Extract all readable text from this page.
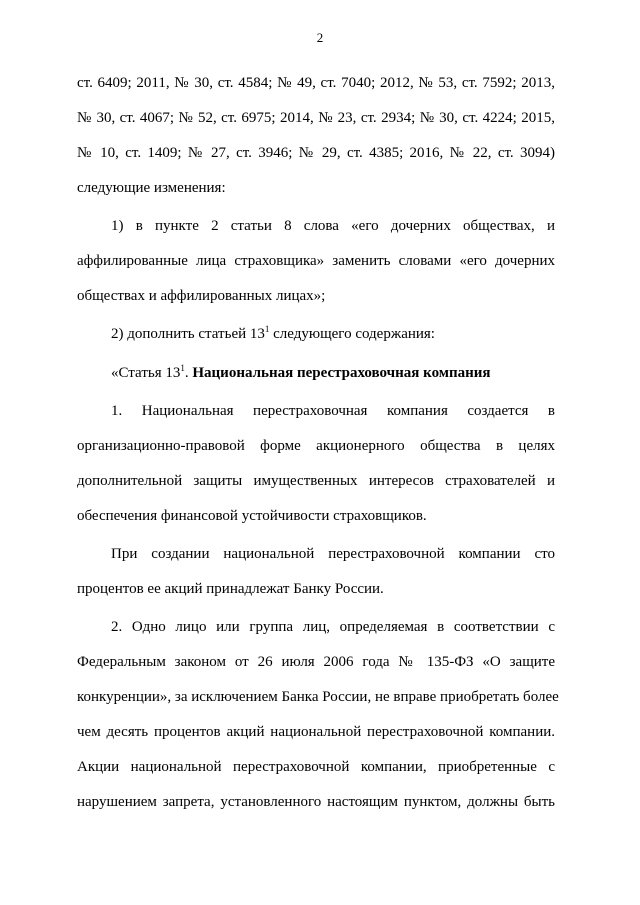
2
ст. 6409; 2011, № 30, ст. 4584; № 49, ст. 7040; 2012, № 53, ст. 7592; 2013,
№ 30, ст. 4067; № 52, ст. 6975; 2014, № 23, ст. 2934; № 30, ст. 4224; 2015,
№ 10, ст. 1409; № 27, ст. 3946; № 29, ст. 4385; 2016, № 22, ст. 3094)
следующие изменения:
1) в пункте 2 статьи 8 слова «его дочерних обществах, и
аффилированные лица страховщика» заменить словами «его дочерних
обществах и аффилированных лицах»;
2) дополнить статьей $13^1$ следующего содержания:
«Статья $13^1$. Национальная перестраховочная компания
1. Национальная перестраховочная компания создается в
организационно-правовой форме акционерного общества в целях
дополнительной защиты имущественных интересов страхователей и
обеспечения финансовой устойчивости страховщиков.
При создании национальной перестраховочной компании сто
процентов ее акций принадлежат Банку России.
2. Одно лицо или группа лиц, определяемая в соответствии с
Федеральным законом от 26 июля 2006 года № 135-ФЗ «О защите
конкуренции», за исключением Банка России, не вправе приобретать более
чем десять процентов акций национальной перестраховочной компании.
Акции национальной перестраховочной компании, приобретенные с
нарушением запрета, установленного настоящим пунктом, должны быть
